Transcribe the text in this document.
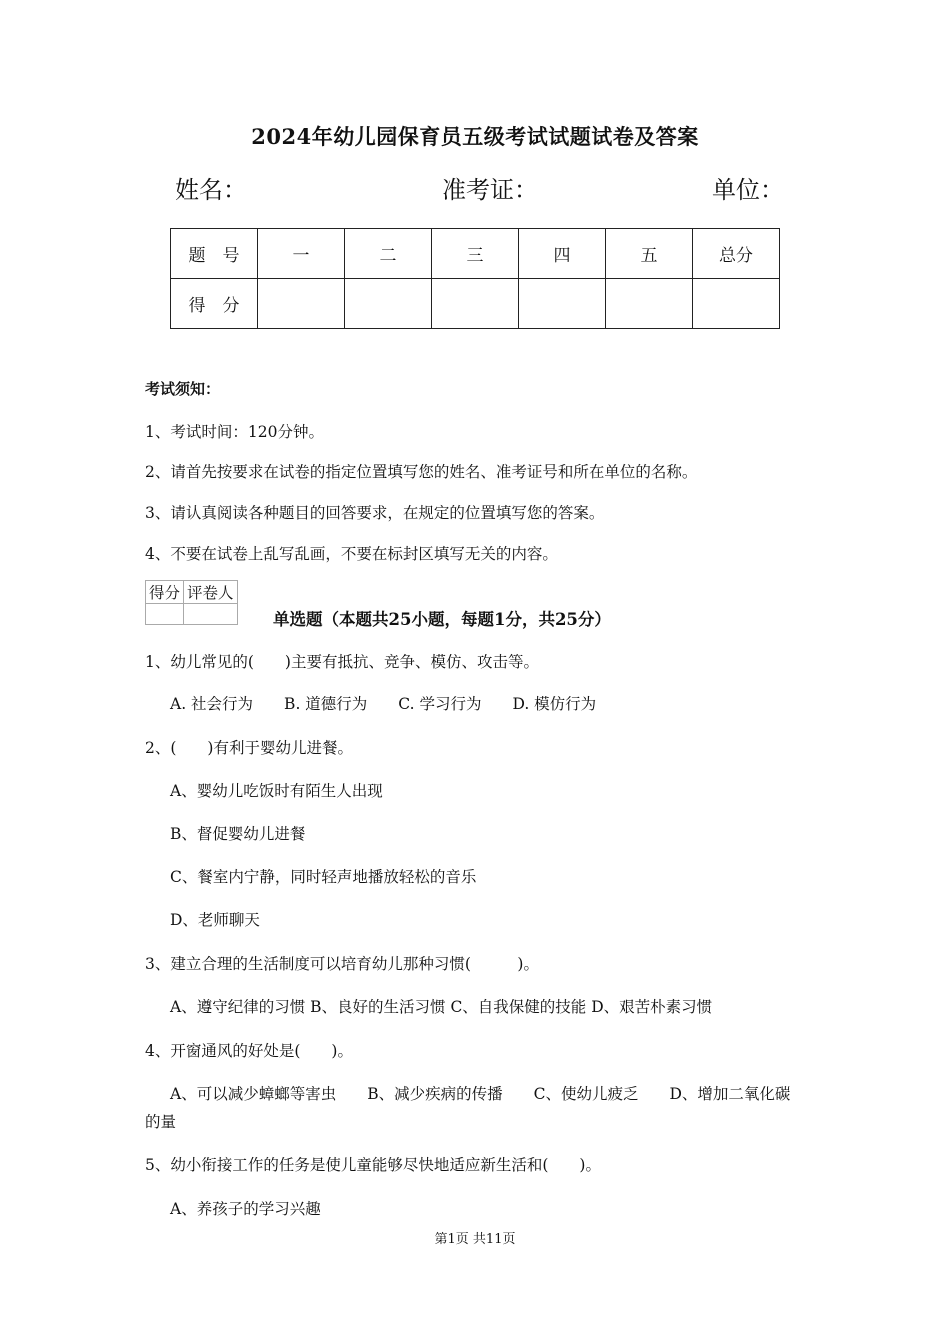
2024年幼儿园保育员五级考试试题试卷及答案
姓名：	准考证：	单位：
题　号	一	二	三	四	五	总分
得　分						
考试须知：
1、考试时间：120分钟。
2、请首先按要求在试卷的指定位置填写您的姓名、准考证号和所在单位的名称。
3、请认真阅读各种题目的回答要求，在规定的位置填写您的答案。
4、不要在试卷上乱写乱画，不要在标封区填写无关的内容。
得分	评卷人

单选题（本题共25小题，每题1分，共25分）
1、幼儿常见的(　　)主要有抵抗、竞争、模仿、攻击等。
A. 社会行为　　B. 道德行为　　C. 学习行为　　D. 模仿行为
2、(　　)有利于婴幼儿进餐。
A、婴幼儿吃饭时有陌生人出现
B、督促婴幼儿进餐
C、餐室内宁静，同时轻声地播放轻松的音乐
D、老师聊天
3、建立合理的生活制度可以培育幼儿那种习惯(　　　)。
A、遵守纪律的习惯 B、良好的生活习惯 C、自我保健的技能 D、艰苦朴素习惯
4、开窗通风的好处是(　　)。
A、可以减少蟑螂等害虫　　B、减少疾病的传播　　C、使幼儿疲乏　　D、增加二氧化碳
的量
5、幼小衔接工作的任务是使儿童能够尽快地适应新生活和(　　)。
A、养孩子的学习兴趣
第1页 共11页
